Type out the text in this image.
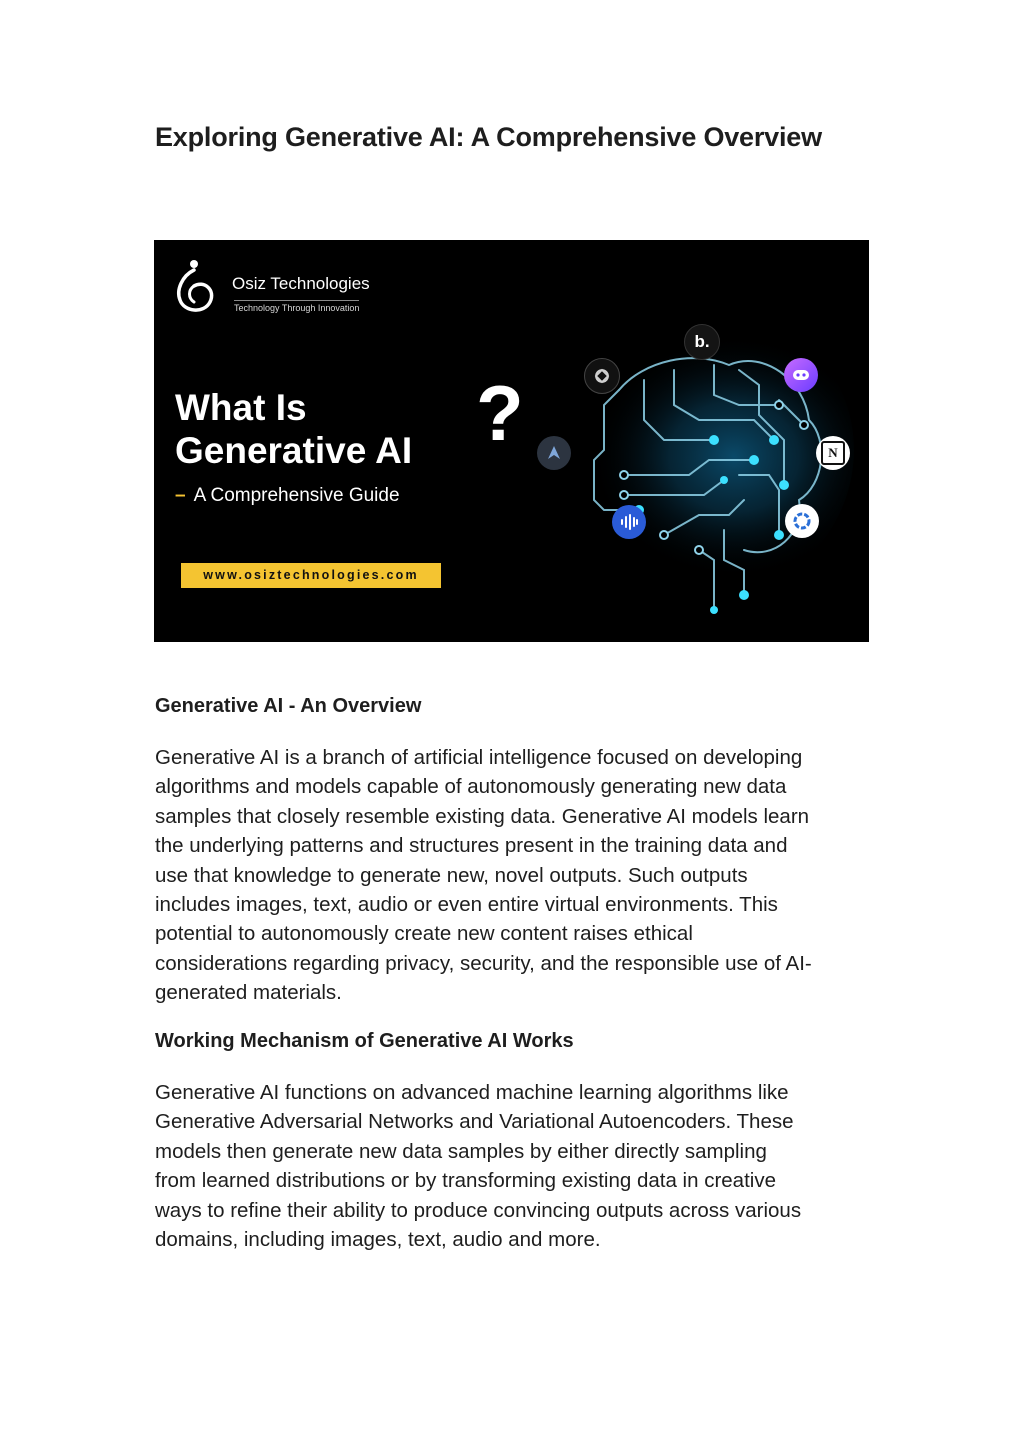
Exploring Generative AI: A Comprehensive Overview
Osiz Technologies
Technology Through Innovation
What Is
Generative AI ?
– A Comprehensive Guide
www.osiztechnologies.com
b.
N
Generative AI - An Overview

Generative AI is a branch of artificial intelligence focused on developing
algorithms and models capable of autonomously generating new data
samples that closely resemble existing data. Generative AI models learn
the underlying patterns and structures present in the training data and
use that knowledge to generate new, novel outputs. Such outputs
includes images, text, audio or even entire virtual environments. This
potential to autonomously create new content raises ethical
considerations regarding privacy, security, and the responsible use of AI-
generated materials.

Working Mechanism of Generative AI Works

Generative AI functions on advanced machine learning algorithms like
Generative Adversarial Networks and Variational Autoencoders. These
models then generate new data samples by either directly sampling
from learned distributions or by transforming existing data in creative
ways to refine their ability to produce convincing outputs across various
domains, including images, text, audio and more.
